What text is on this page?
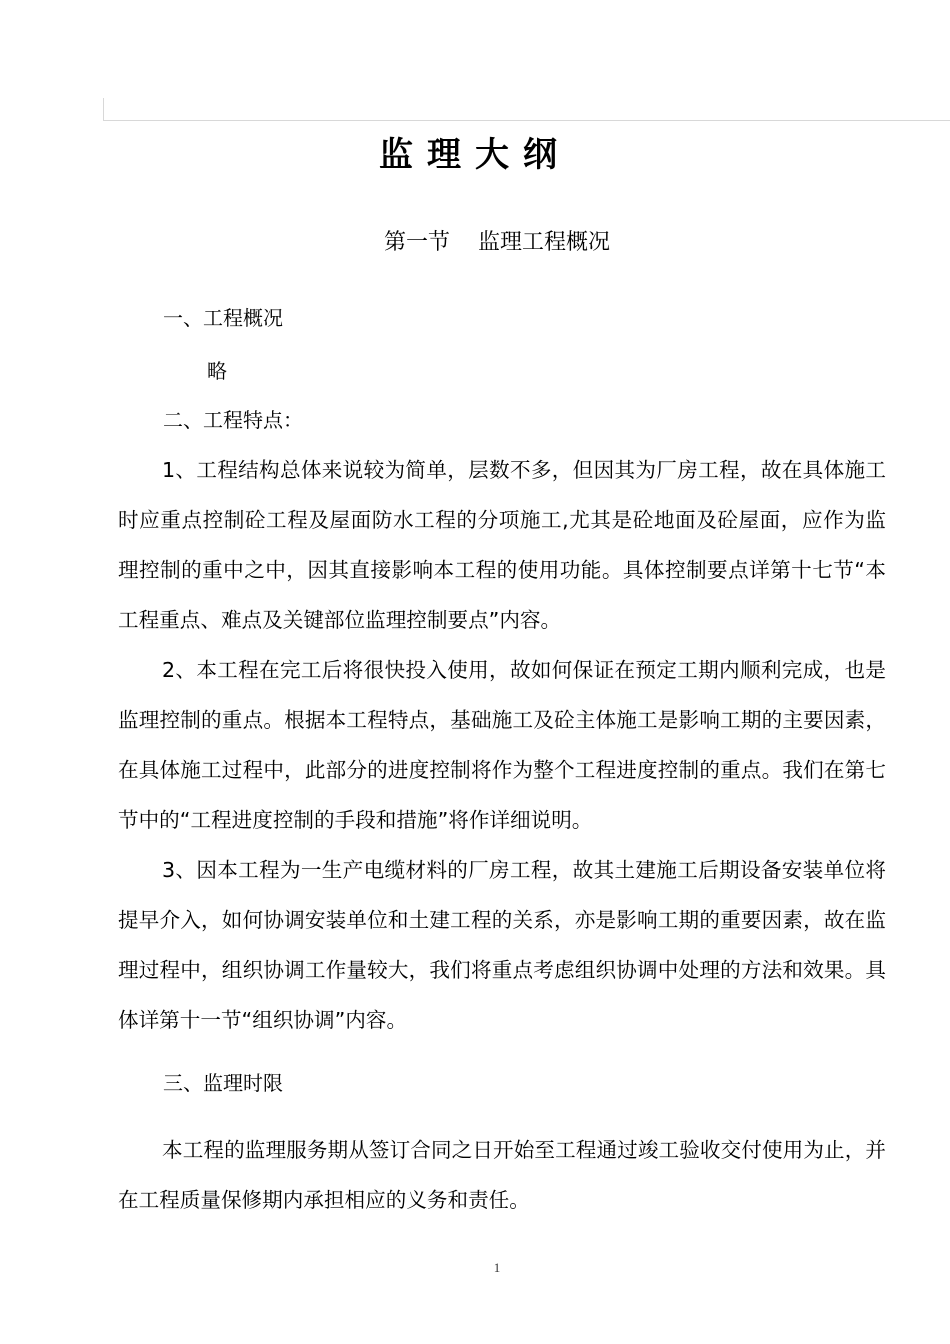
监理大纲
第一节 监理工程概况
一、工程概况
略
二、工程特点：
1、工程结构总体来说较为简单，层数不多，但因其为厂房工程，故在具体施工时应重点控制砼工程及屋面防水工程的分项施工,尤其是砼地面及砼屋面，应作为监理控制的重中之中，因其直接影响本工程的使用功能。具体控制要点详第十七节“本工程重点、难点及关键部位监理控制要点”内容。
2、本工程在完工后将很快投入使用，故如何保证在预定工期内顺利完成，也是监理控制的重点。根据本工程特点，基础施工及砼主体施工是影响工期的主要因素，在具体施工过程中，此部分的进度控制将作为整个工程进度控制的重点。我们在第七节中的“工程进度控制的手段和措施”将作详细说明。
3、因本工程为一生产电缆材料的厂房工程，故其土建施工后期设备安装单位将提早介入，如何协调安装单位和土建工程的关系，亦是影响工期的重要因素，故在监理过程中，组织协调工作量较大，我们将重点考虑组织协调中处理的方法和效果。具体详第十一节“组织协调”内容。
三、监理时限
本工程的监理服务期从签订合同之日开始至工程通过竣工验收交付使用为止，并在工程质量保修期内承担相应的义务和责任。
1
